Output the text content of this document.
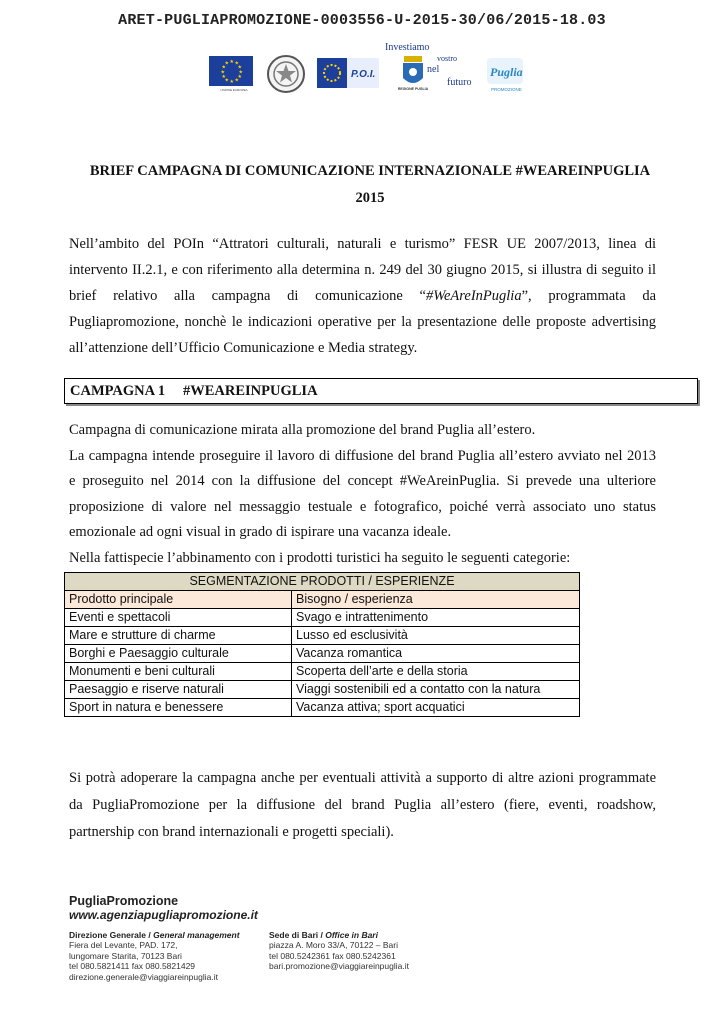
ARET-PUGLIAPROMOZIONE-0003556-U-2015-30/06/2015-18.03
★ ★
★
★
★
★
★
★
★
★
★
★
UNIONE EUROPEA
P.O.I.
REGIONE PUGLIA
Investiamo
vostro
nel
futuro
Puglia
PROMOZIONE
BRIEF CAMPAGNA DI COMUNICAZIONE INTERNAZIONALE #WEAREINPUGLIA
2015
Nell’ambito del POIn “Attratori culturali, naturali e turismo” FESR UE 2007/2013, linea di
intervento II.2.1, e con riferimento alla determina n. 249 del 30 giugno 2015, si illustra di seguito il
brief relativo alla campagna di comunicazione “#WeAreInPuglia”, programmata da
Pugliapromozione, nonchè le indicazioni operative per la presentazione delle proposte advertising
all’attenzione dell’Ufficio Comunicazione e Media strategy.
CAMPAGNA 1 #WEAREINPUGLIA
Campagna di comunicazione mirata alla promozione del brand Puglia all’estero.
La campagna intende proseguire il lavoro di diffusione del brand Puglia all’estero avviato nel 2013
e proseguito nel 2014 con la diffusione del concept #WeAreinPuglia. Si prevede una ulteriore
proposizione di valore nel messaggio testuale e fotografico, poiché verrà associato uno status
emozionale ad ogni visual in grado di ispirare una vacanza ideale.
Nella fattispecie l’abbinamento con i prodotti turistici ha seguito le seguenti categorie:
SEGMENTAZIONE PRODOTTI / ESPERIENZE	
Prodotto principale	Bisogno / esperienza
Eventi e spettacoli	Svago e intrattenimento
Mare e strutture di charme	Lusso ed esclusività
Borghi e Paesaggio culturale	Vacanza romantica
Monumenti e beni culturali	Scoperta dell’arte e della storia
Paesaggio e riserve naturali	Viaggi sostenibili ed a contatto con la natura
Sport in natura e benessere	Vacanza attiva; sport acquatici
Si potrà adoperare la campagna anche per eventuali attività a supporto di altre azioni programmate
da PugliaPromozione per la diffusione del brand Puglia all’estero (fiere, eventi, roadshow,
partnership con brand internazionali e progetti speciali).
PugliaPromozione
www.agenziapugliapromozione.it
Direzione Generale / General management
Fiera del Levante, PAD. 172,
lungomare Starita, 70123 Bari
tel 080.5821411 fax 080.5821429
direzione.generale@viaggiareinpuglia.it
Sede di Bari / Office in Bari
piazza A. Moro 33/A, 70122 – Bari
tel 080.5242361 fax 080.5242361
bari.promozione@viaggiareinpuglia.it
